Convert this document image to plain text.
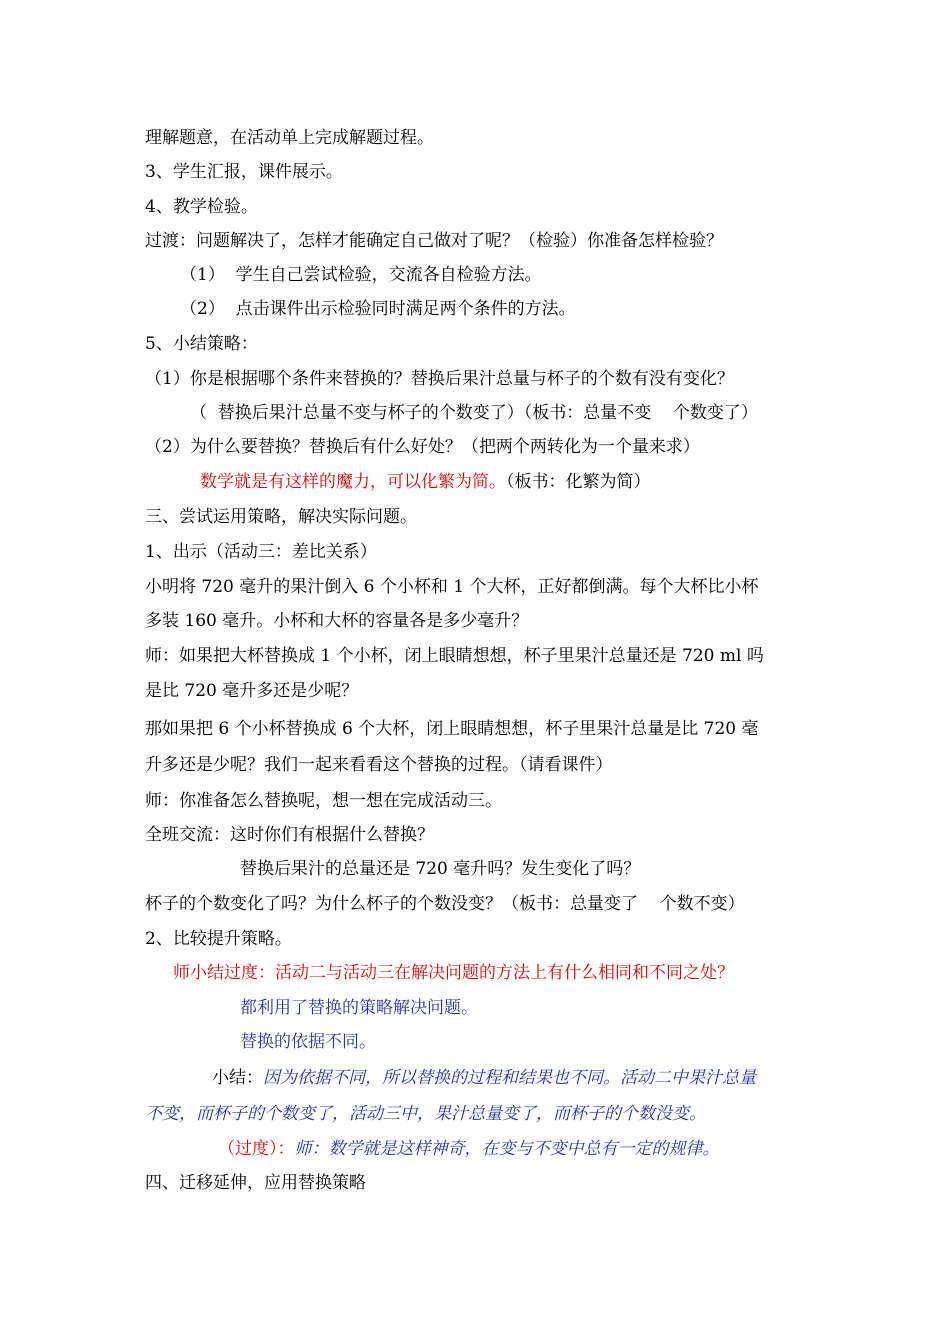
理解题意，在活动单上完成解题过程。
3、学生汇报，课件展示。
4、教学检验。
过渡：问题解决了，怎样才能确定自己做对了呢？（检验）你准备怎样检验？
（1）  学生自己尝试检验，交流各自检验方法。
（2）  点击课件出示检验同时满足两个条件的方法。
5、小结策略：
（1）你是根据哪个条件来替换的？替换后果汁总量与杯子的个数有没有变化？
（  替换后果汁总量不变与杯子的个数变了）（板书：总量不变    个数变了）
（2）为什么要替换？替换后有什么好处？（把两个两转化为一个量来求）
数学就是有这样的魔力，可以化繁为简。（板书：化繁为简）
三、尝试运用策略，解决实际问题。
1、出示（活动三：差比关系）
小明将 720 毫升的果汁倒入 6 个小杯和 1 个大杯，正好都倒满。每个大杯比小杯
多装 160 毫升。小杯和大杯的容量各是多少毫升？
师：如果把大杯替换成 1 个小杯，闭上眼睛想想，杯子里果汁总量还是 720 ml 吗
是比 720 毫升多还是少呢？
那如果把 6 个小杯替换成 6 个大杯，闭上眼睛想想，杯子里果汁总量是比 720 毫
升多还是少呢？我们一起来看看这个替换的过程。（请看课件）
师：你准备怎么替换呢，想一想在完成活动三。
全班交流：这时你们有根据什么替换？
替换后果汁的总量还是 720 毫升吗？发生变化了吗？
杯子的个数变化了吗？为什么杯子的个数没变？（板书：总量变了    个数不变）
2、比较提升策略。
师小结过度：活动二与活动三在解决问题的方法上有什么相同和不同之处？
都利用了替换的策略解决问题。
替换的依据不同。
小结：因为依据不同，所以替换的过程和结果也不同。活动二中果汁总量
不变，而杯子的个数变了，活动三中，果汁总量变了，而杯子的个数没变。
（过度）：师：数学就是这样神奇，在变与不变中总有一定的规律。
四、迁移延伸，应用替换策略
